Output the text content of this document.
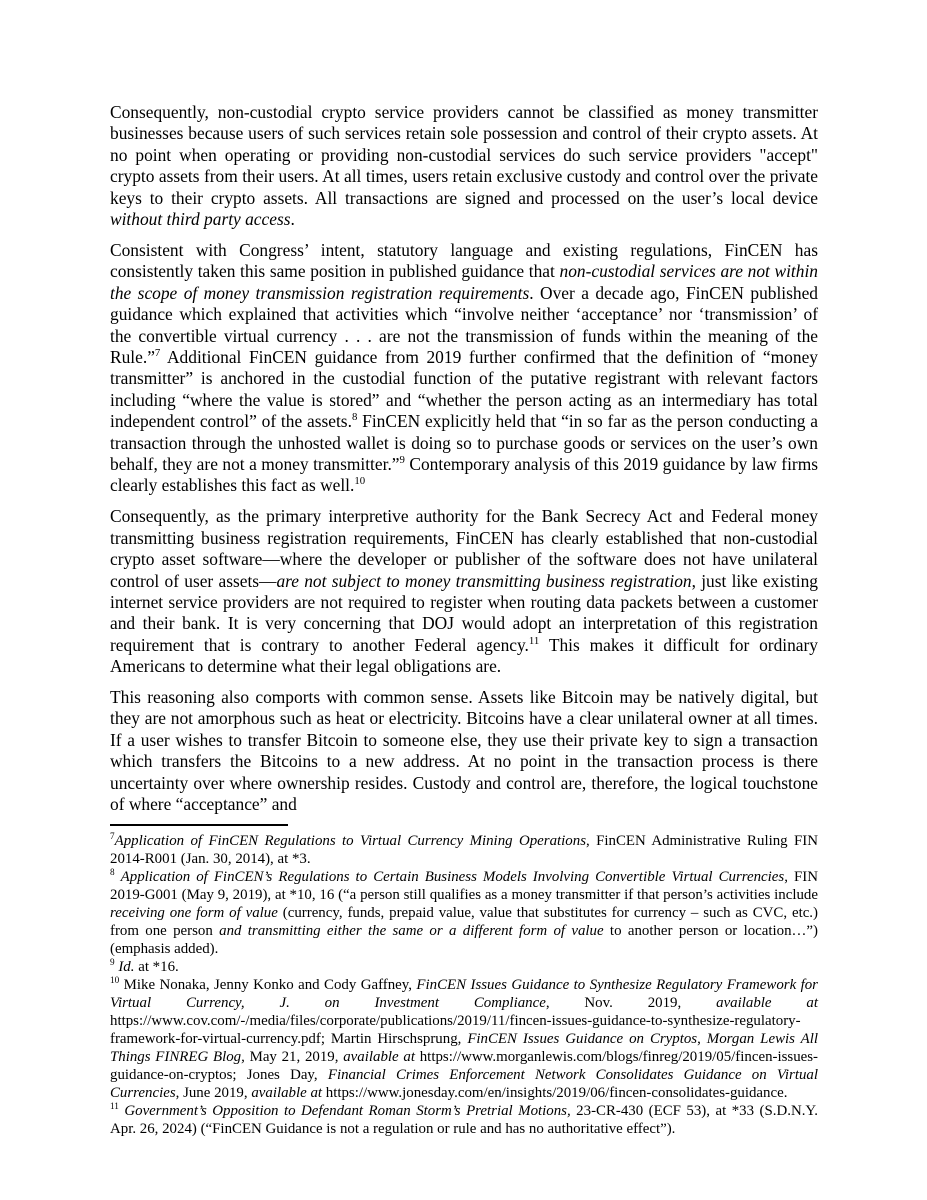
Consequently, non-custodial crypto service providers cannot be classified as money transmitter businesses because users of such services retain sole possession and control of their crypto assets. At no point when operating or providing non-custodial services do such service providers "accept" crypto assets from their users. At all times, users retain exclusive custody and control over the private keys to their crypto assets. All transactions are signed and processed on the user’s local device without third party access.

Consistent with Congress’ intent, statutory language and existing regulations, FinCEN has consistently taken this same position in published guidance that non-custodial services are not within the scope of money transmission registration requirements. Over a decade ago, FinCEN published guidance which explained that activities which “involve neither ‘acceptance’ nor ‘transmission’ of the convertible virtual currency . . . are not the transmission of funds within the meaning of the Rule.”$^7$ Additional FinCEN guidance from 2019 further confirmed that the definition of “money transmitter” is anchored in the custodial function of the putative registrant with relevant factors including “where the value is stored” and “whether the person acting as an intermediary has total independent control” of the assets.$^8$ FinCEN explicitly held that “in so far as the person conducting a transaction through the unhosted wallet is doing so to purchase goods or services on the user’s own behalf, they are not a money transmitter.”$^9$ Contemporary analysis of this 2019 guidance by law firms clearly establishes this fact as well.$^{10}$

Consequently, as the primary interpretive authority for the Bank Secrecy Act and Federal money transmitting business registration requirements, FinCEN has clearly established that non-custodial crypto asset software—where the developer or publisher of the software does not have unilateral control of user assets—are not subject to money transmitting business registration, just like existing internet service providers are not required to register when routing data packets between a customer and their bank. It is very concerning that DOJ would adopt an interpretation of this registration requirement that is contrary to another Federal agency.$^{11}$ This makes it difficult for ordinary Americans to determine what their legal obligations are.

This reasoning also comports with common sense. Assets like Bitcoin may be natively digital, but they are not amorphous such as heat or electricity. Bitcoins have a clear unilateral owner at all times. If a user wishes to transfer Bitcoin to someone else, they use their private key to sign a transaction which transfers the Bitcoins to a new address. At no point in the transaction process is there uncertainty over where ownership resides. Custody and control are, therefore, the logical touchstone of where “acceptance” and

$^7$Application of FinCEN Regulations to Virtual Currency Mining Operations, FinCEN Administrative Ruling FIN 2014-R001 (Jan. 30, 2014), at *3.

$^8$ Application of FinCEN’s Regulations to Certain Business Models Involving Convertible Virtual Currencies, FIN 2019-G001 (May 9, 2019), at *10, 16 (“a person still qualifies as a money transmitter if that person’s activities include receiving one form of value (currency, funds, prepaid value, value that substitutes for currency – such as CVC, etc.) from one person and transmitting either the same or a different form of value to another person or location…”) (emphasis added).

$^9$ Id. at *16.

$^{10}$ Mike Nonaka, Jenny Konko and Cody Gaffney, FinCEN Issues Guidance to Synthesize Regulatory Framework for Virtual Currency, J. on Investment Compliance, Nov. 2019, available at https://www.cov.com/-/media/files/corporate/publications/2019/11/fincen-issues-guidance-to-synthesize-regulatory-framework-for-virtual-currency.pdf; Martin Hirschsprung, FinCEN Issues Guidance on Cryptos, Morgan Lewis All Things FINREG Blog, May 21, 2019, available at https://www.morganlewis.com/blogs/finreg/2019/05/fincen-issues-guidance-on-cryptos; Jones Day, Financial Crimes Enforcement Network Consolidates Guidance on Virtual Currencies, June 2019, available at https://www.jonesday.com/en/insights/2019/06/fincen-consolidates-guidance.

$^{11}$ Government’s Opposition to Defendant Roman Storm’s Pretrial Motions, 23-CR-430 (ECF 53), at *33 (S.D.N.Y. Apr. 26, 2024) (“FinCEN Guidance is not a regulation or rule and has no authoritative effect”).
